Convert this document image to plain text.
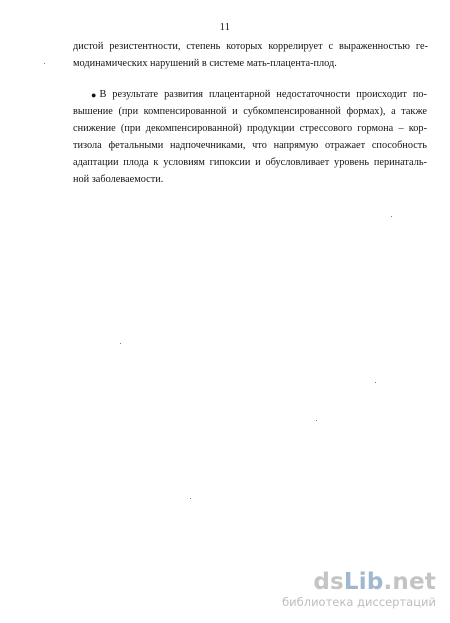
11
дистой резистентности, степень которых коррелирует с выраженностью ге-
модинамических нарушений в системе мать-плацента-плод.
● В результате развития плацентарной недостаточности происходит по-
вышение (при компенсированной и субкомпенсированной формах), а также
снижение (при декомпенсированной) продукции стрессового гормона – кор-
тизола фетальными надпочечниками, что напрямую отражает способность
адаптации плода к условиям гипоксии и обусловливает уровень перинаталь-
ной заболеваемости.
dsLib.net
библиотека диссертаций
